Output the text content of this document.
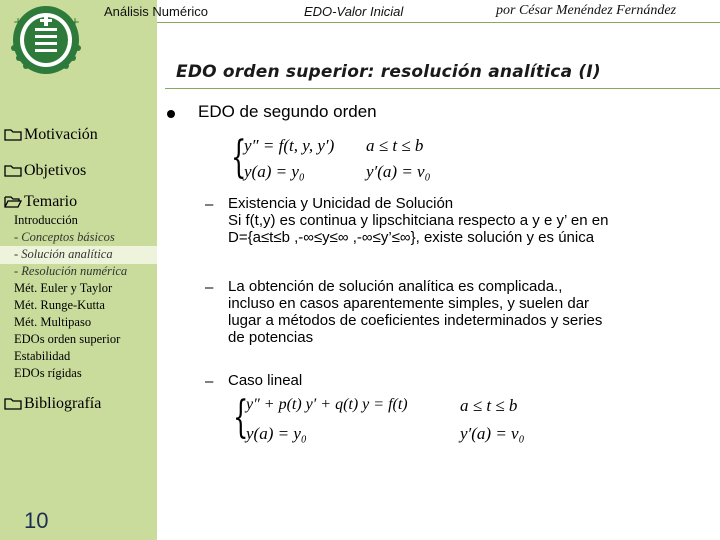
+	+
Análisis Numérico	EDO-Valor Inicial	por César Menéndez Fernández
EDO orden superior: resolución analítica (I)
Motivación
Objetivos
Temario
Introducción
- Conceptos básicos
- Solución analítica
- Resolución numérica
Mét. Euler y Taylor
Mét. Runge-Kutta
Mét. Multipaso
EDOs orden superior
Estabilidad
EDOs rígidas
Bibliografía
10
EDO de segundo orden
{
y″ = f(t, y, y′) a ≤ t ≤ b
y(a) = y₀	y′(a) = v₀
– Existencia y Unicidad de Solución
Si f(t,y) es continua y lipschitciana respecto a y e y’ en en
D={a≤t≤b ,-∞≤y≤∞ ,-∞≤y’≤∞}, existe solución y es única
– La obtención de solución analítica es complicada.,
incluso en casos aparentemente simples, y suelen dar
lugar a métodos de coeficientes indeterminados y series
de potencias
– Caso lineal
{
y″ + p(t) y′ + q(t) y = f(t)	a ≤ t ≤ b
y(a) = y₀	y′(a) = v₀
